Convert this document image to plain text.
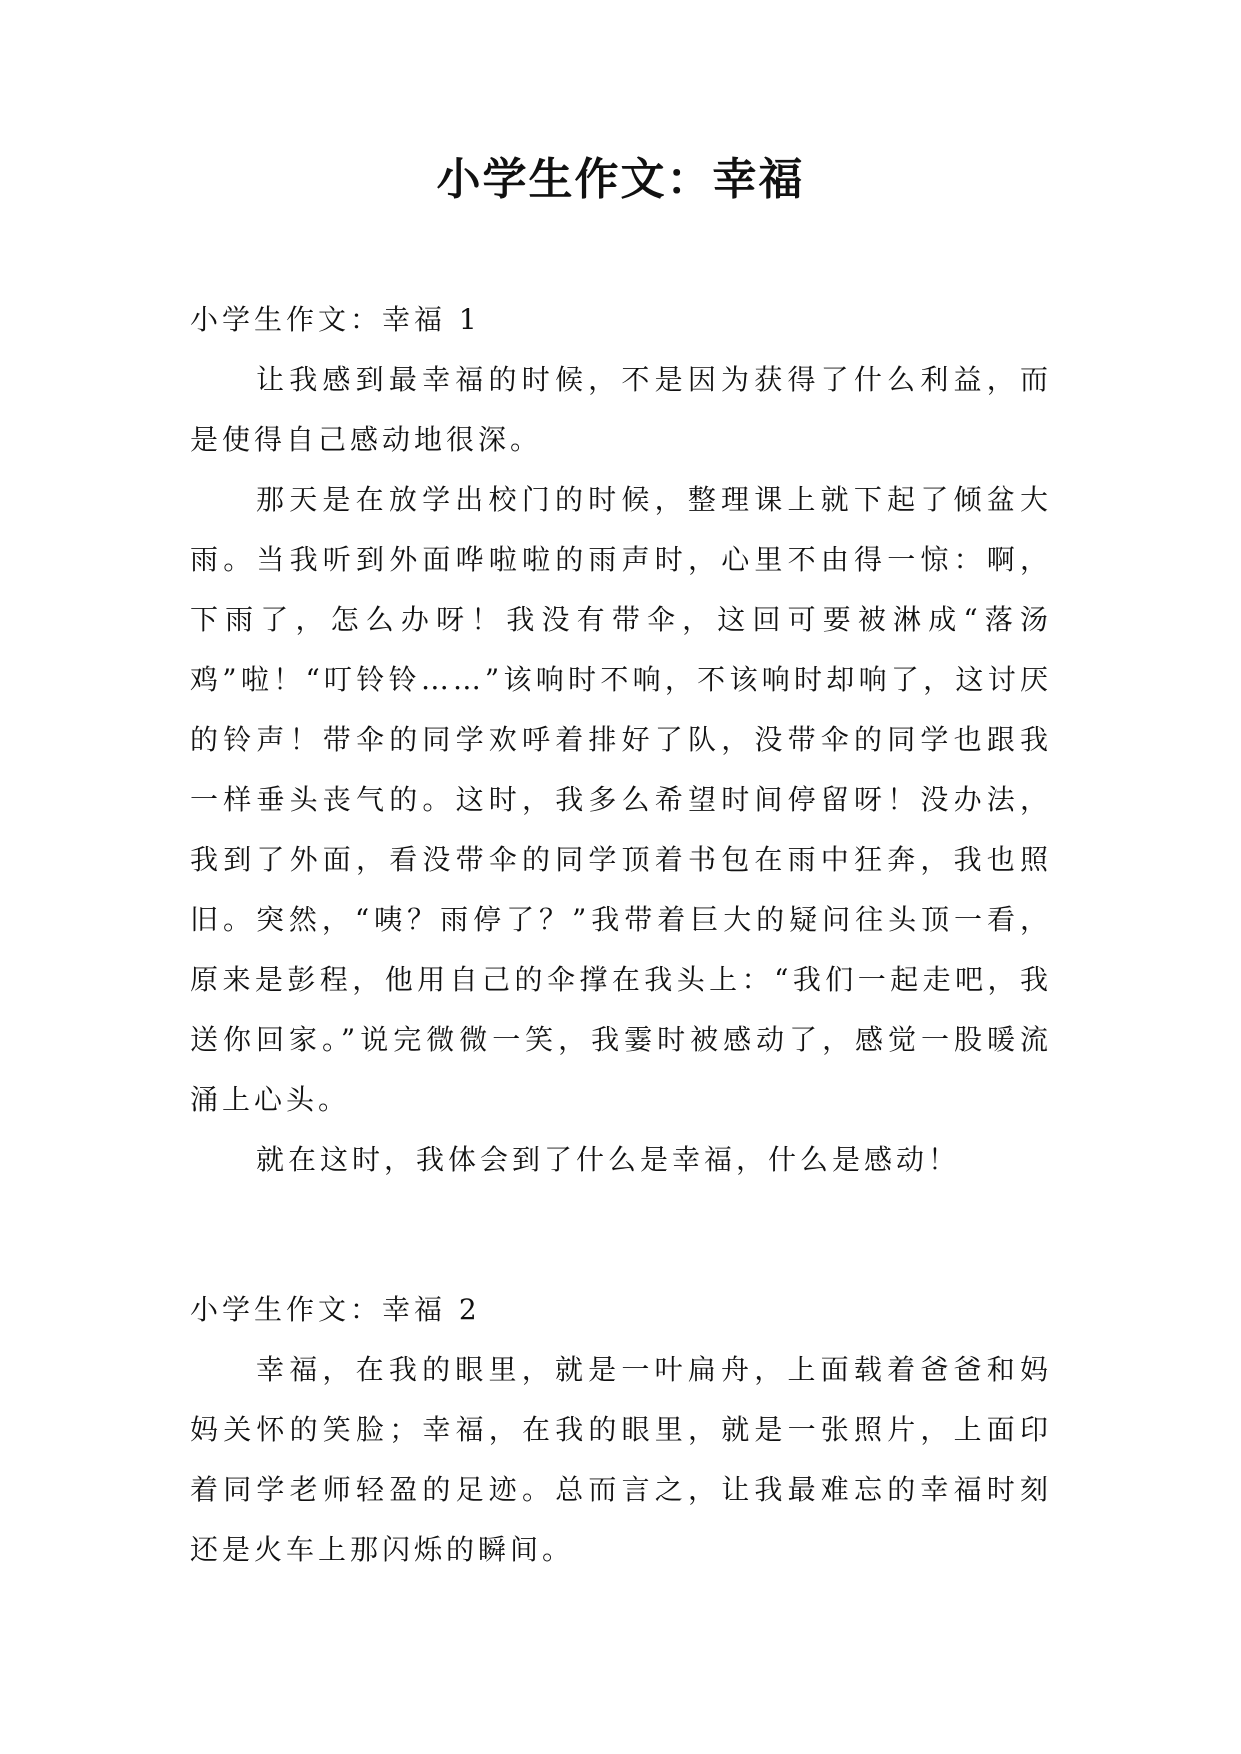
小学生作文：幸福

小学生作文：幸福 1

让我感到最幸福的时候，不是因为获得了什么利益，而是使得自己感动地很深。

那天是在放学出校门的时候，整理课上就下起了倾盆大雨。当我听到外面哗啦啦的雨声时，心里不由得一惊：啊，下雨了，怎么办呀！我没有带伞，这回可要被淋成“落汤鸡”啦！“叮铃铃……”该响时不响，不该响时却响了，这讨厌的铃声！带伞的同学欢呼着排好了队，没带伞的同学也跟我一样垂头丧气的。这时，我多么希望时间停留呀！没办法，我到了外面，看没带伞的同学顶着书包在雨中狂奔，我也照旧。突然，“咦？雨停了？”我带着巨大的疑问往头顶一看，原来是彭程，他用自己的伞撑在我头上：“我们一起走吧，我送你回家。”说完微微一笑，我霎时被感动了，感觉一股暖流涌上心头。

就在这时，我体会到了什么是幸福，什么是感动！

小学生作文：幸福 2

幸福，在我的眼里，就是一叶扁舟，上面载着爸爸和妈妈关怀的笑脸；幸福，在我的眼里，就是一张照片，上面印着同学老师轻盈的足迹。总而言之，让我最难忘的幸福时刻还是火车上那闪烁的瞬间。
